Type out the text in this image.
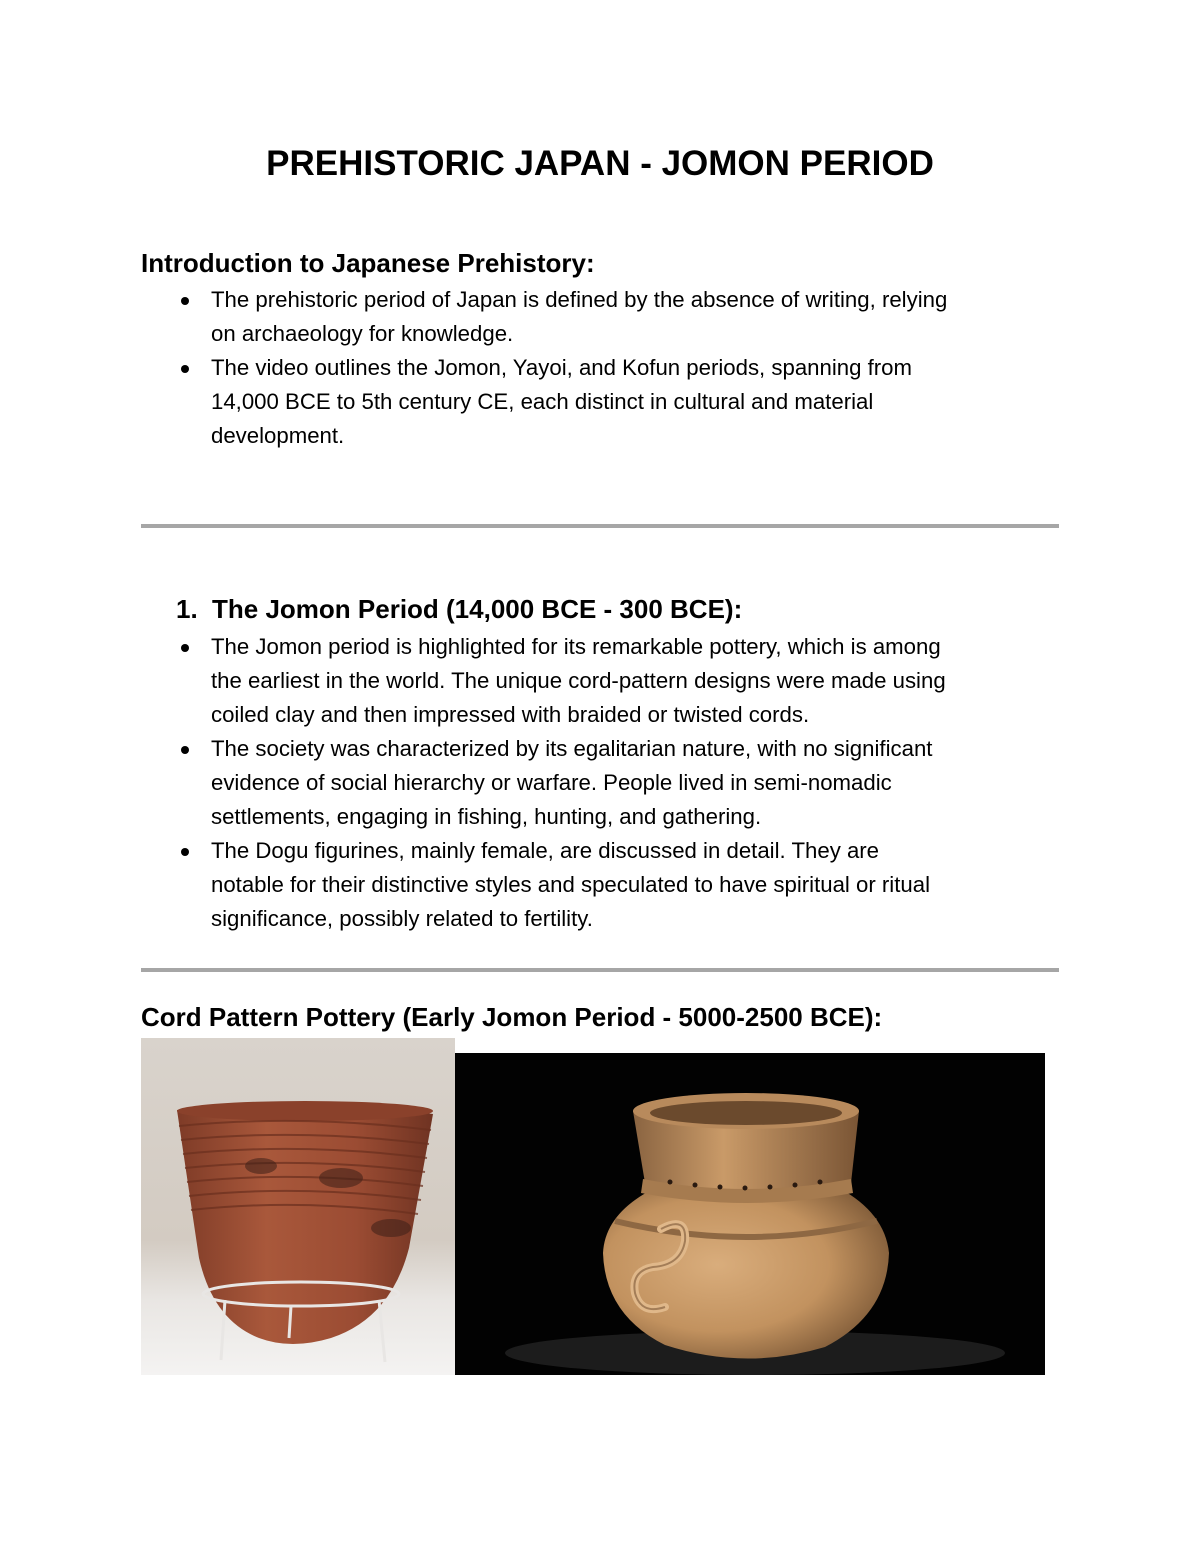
PREHISTORIC JAPAN - JOMON PERIOD
Introduction to Japanese Prehistory:
The prehistoric period of Japan is defined by the absence of writing, relying
on archaeology for knowledge.
The video outlines the Jomon, Yayoi, and Kofun periods, spanning from
14,000 BCE to 5th century CE, each distinct in cultural and material
development.
1. The Jomon Period (14,000 BCE - 300 BCE):
The Jomon period is highlighted for its remarkable pottery, which is among
the earliest in the world. The unique cord-pattern designs were made using
coiled clay and then impressed with braided or twisted cords.
The society was characterized by its egalitarian nature, with no significant
evidence of social hierarchy or warfare. People lived in semi-nomadic
settlements, engaging in fishing, hunting, and gathering.
The Dogu figurines, mainly female, are discussed in detail. They are
notable for their distinctive styles and speculated to have spiritual or ritual
significance, possibly related to fertility.
Cord Pattern Pottery (Early Jomon Period - 5000-2500 BCE):
